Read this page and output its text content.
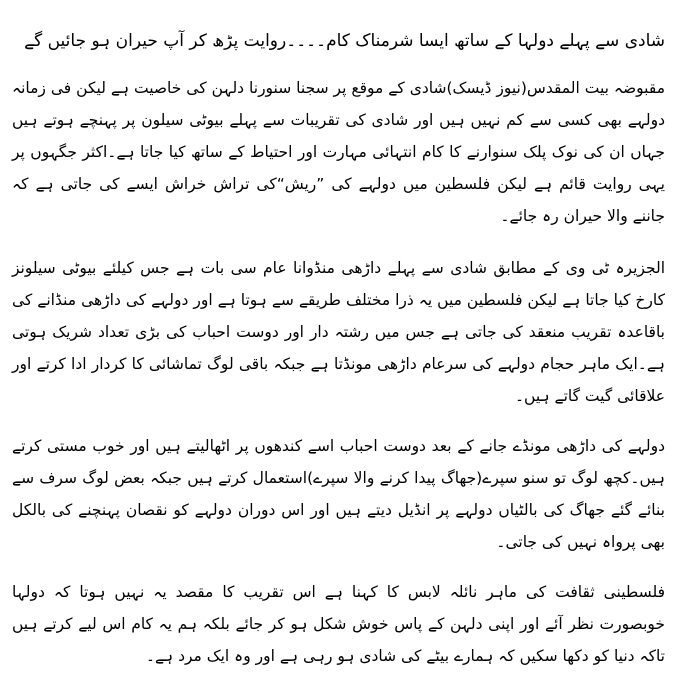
شادی سے پہلے دولہا کے ساتھ ایسا شرمناک کام۔۔۔۔روایت پڑھ کر آپ حیران ہو جائیں گے

مقبوضہ بیت المقدس(نیوز ڈیسک)شادی کے موقع پر سجنا سنورنا دلہن کی خاصیت ہے لیکن فی زمانہ دولہے بھی کسی سے کم نہیں ہیں اور شادی کی تقریبات سے پہلے بیوٹی سیلون پر پہنچے ہوتے ہیں جہاں ان کی نوک پلک سنوارنے کا کام انتہائی مہارت اور احتیاط کے ساتھ کیا جاتا ہے۔اکثر جگہوں پر یہی روایت قائم ہے لیکن فلسطین میں دولہے کی ”ریش“کی تراش خراش ایسے کی جاتی ہے کہ جاننے والا حیران رہ جائے۔

الجزیرہ ٹی وی کے مطابق شادی سے پہلے داڑھی منڈوانا عام سی بات ہے جس کیلئے بیوٹی سیلونز کارخ کیا جاتا ہے لیکن فلسطین میں یہ ذرا مختلف طریقے سے ہوتا ہے اور دولہے کی داڑھی منڈانے کی باقاعدہ تقریب منعقد کی جاتی ہے جس میں رشتہ دار اور دوست احباب کی بڑی تعداد شریک ہوتی ہے۔ایک ماہر حجام دولہے کی سرعام داڑھی مونڈتا ہے جبکہ باقی لوگ تماشائی کا کردار ادا کرتے اور علاقائی گیت گاتے ہیں۔

دولہے کی داڑھی مونڈے جانے کے بعد دوست احباب اسے کندھوں پر اٹھالیتے ہیں اور خوب مستی کرتے ہیں۔کچھ لوگ تو سنو سپرے(جھاگ پیدا کرنے والا سپرے)استعمال کرتے ہیں جبکہ بعض لوگ سرف سے بنائے گئے جھاگ کی بالٹیاں دولہے پر انڈیل دیتے ہیں اور اس دوران دولہے کو نقصان پہنچنے کی بالکل بھی پرواہ نہیں کی جاتی۔

فلسطینی ثقافت کی ماہر نائلہ لابس کا کہنا ہے اس تقریب کا مقصد یہ نہیں ہوتا کہ دولہا خوبصورت نظر آئے اور اپنی دلہن کے پاس خوش شکل ہو کر جائے بلکہ ہم یہ کام اس لیے کرتے ہیں تاکہ دنیا کو دکھا سکیں کہ ہمارے بیٹے کی شادی ہو رہی ہے اور وہ ایک مرد ہے۔
